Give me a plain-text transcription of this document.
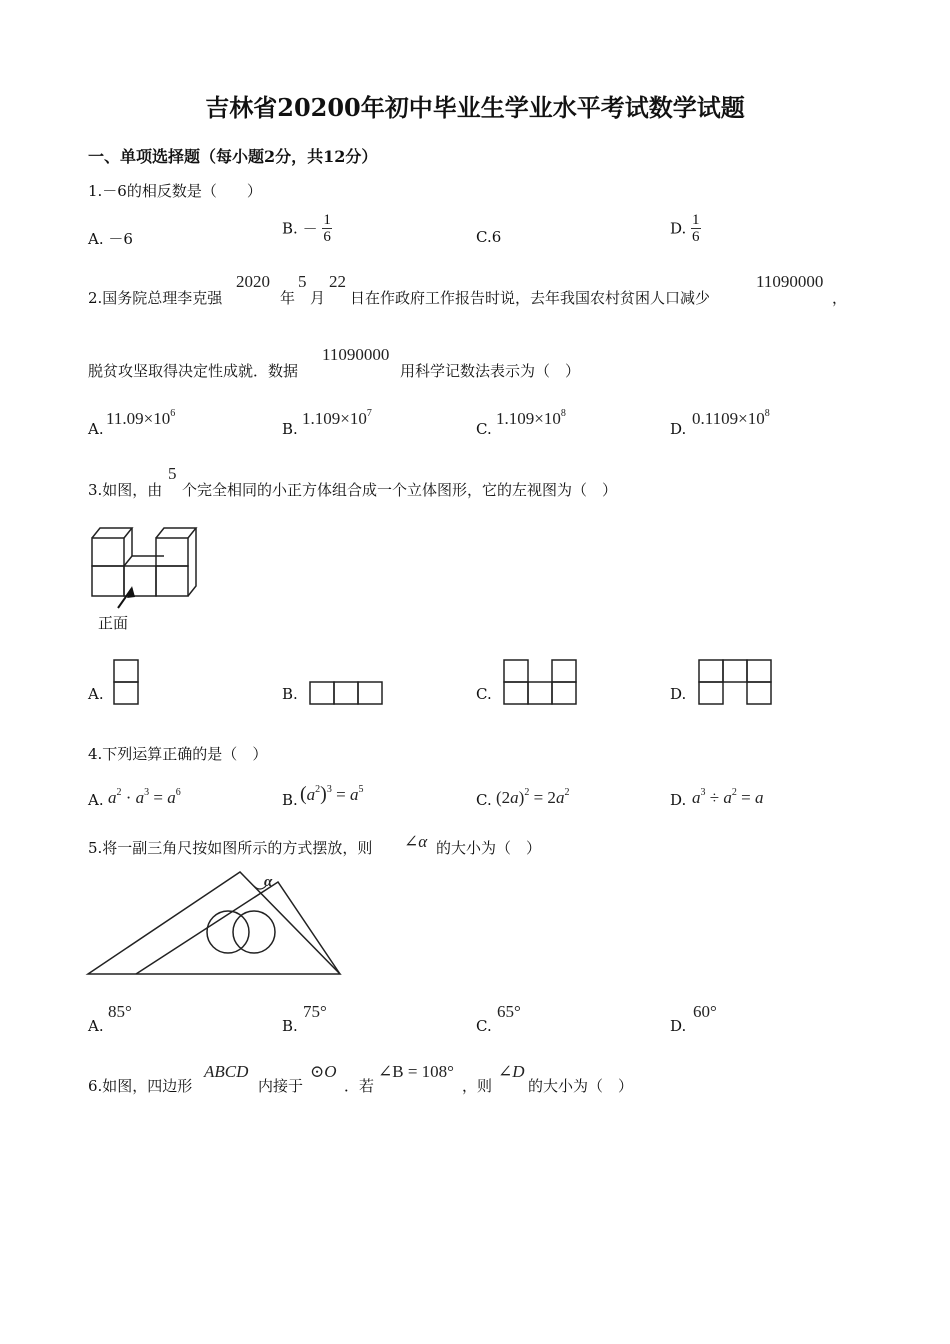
吉林省20200年初中毕业生学业水平考试数学试题
一、单项选择题（每小题2分，共12分）
1.－6的相反数是（　　）
A. －6
B. － $\frac{1}{6}$	C.6	D. $\frac{1}{6}$
2.国务院总理李克强
2020
年
5
月
22
日在作政府工作报告时说，去年我国农村贫困人口减少
11090000
，
脱贫攻坚取得决定性成就．数据
11090000
用科学记数法表示为（　）
A.
$11.09\times 10^6$
B.
$1.109\times 10^7$
C.
$1.109\times 10^8$
D.
$0.1109\times 10^8$
3.如图，由
5
个完全相同的小正方体组合成一个立体图形，它的左视图为（　）
正面
A.	B.	C.	D.
4.下列运算正确的是（　）
A. $a^2 \cdot a^3 = a^6$	B. $(a^2)^3 = a^5$
C. $(2a)^2 = 2a^2$	D. $a^3 \div a^2 = a$
5.将一副三角尺按如图所示的方式摆放，则 ∠α 的大小为（　）
α
A.
85°
B.
75°
C.
65°
D.
60°
6.如图，四边形
ABCD
内接于
⊙O
．若
∠B = 108°
，则
∠D
的大小为（　）
